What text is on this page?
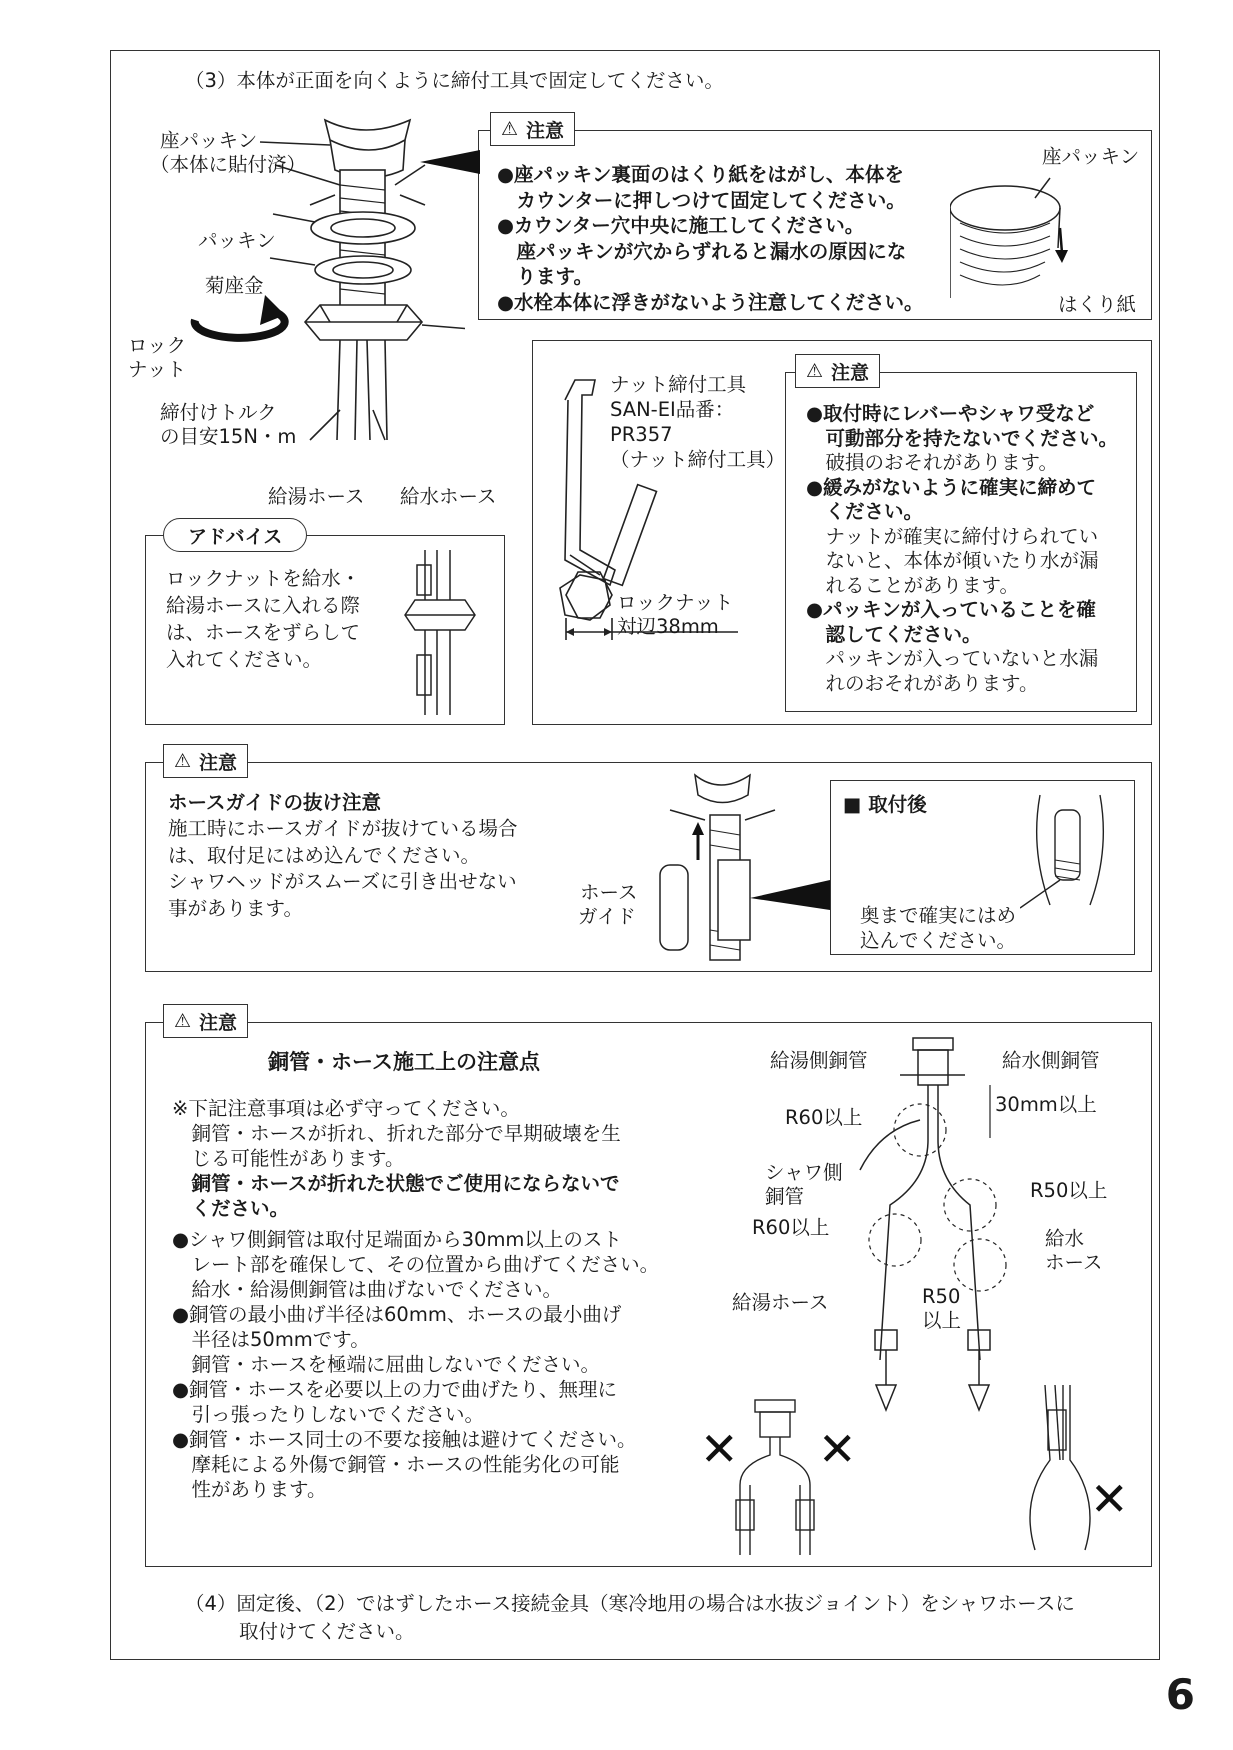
（3）本体が正面を向くように締付工具で固定してください。
座パッキン
（本体に貼付済）
パッキン
菊座金
ロック
ナット
締付けトルク
の目安15N・m
給湯ホース 給水ホース
⚠ 注意
●座パッキン裏面のはくり紙をはがし、本体を
　カウンターに押しつけて固定してください。
●カウンター穴中央に施工してください。
　座パッキンが穴からずれると漏水の原因にな
　ります。
●水栓本体に浮きがないよう注意してください。
座パッキン
はくり紙
ナット締付工具
SAN-EI品番：
PR357
（ナット締付工具）
ロックナット
対辺38mm
⚠ 注意
●取付時にレバーやシャワ受など
　可動部分を持たないでください。
　破損のおそれがあります。
●緩みがないように確実に締めて
　ください。
　ナットが確実に締付けられてい
　ないと、本体が傾いたり水が漏
　れることがあります。
●パッキンが入っていることを確
　認してください。
　パッキンが入っていないと水漏
　れのおそれがあります。
アドバイス
ロックナットを給水・
給湯ホースに入れる際
は、ホースをずらして
入れてください。
⚠ 注意
ホースガイドの抜け注意
施工時にホースガイドが抜けている場合
は、取付足にはめ込んでください。
シャワヘッドがスムーズに引き出せない
事があります。
ホース
ガイド
■ 取付後
奥まで確実にはめ
込んでください。
⚠ 注意
銅管・ホース施工上の注意点
※下記注意事項は必ず守ってください。
　銅管・ホースが折れ、折れた部分で早期破壊を生
　じる可能性があります。
　銅管・ホースが折れた状態でご使用にならないで
　ください。
●シャワ側銅管は取付足端面から30mm以上のスト
　レート部を確保して、その位置から曲げてください。
　給水・給湯側銅管は曲げないでください。
●銅管の最小曲げ半径は60mm、ホースの最小曲げ
　半径は50mmです。
　銅管・ホースを極端に屈曲しないでください。
●銅管・ホースを必要以上の力で曲げたり、無理に
　引っ張ったりしないでください。
●銅管・ホース同士の不要な接触は避けてください。
　摩耗による外傷で銅管・ホースの性能劣化の可能
　性があります。
給湯側銅管	給水側銅管
30mm以上
R60以上
シャワ側
銅管
R60以上
R50以上
給水
ホース
給湯ホース	R50
以上
✕ ✕
✕
（4）固定後、（2）ではずしたホース接続金具（寒冷地用の場合は水抜ジョイント）をシャワホースに
取付けてください。
6
